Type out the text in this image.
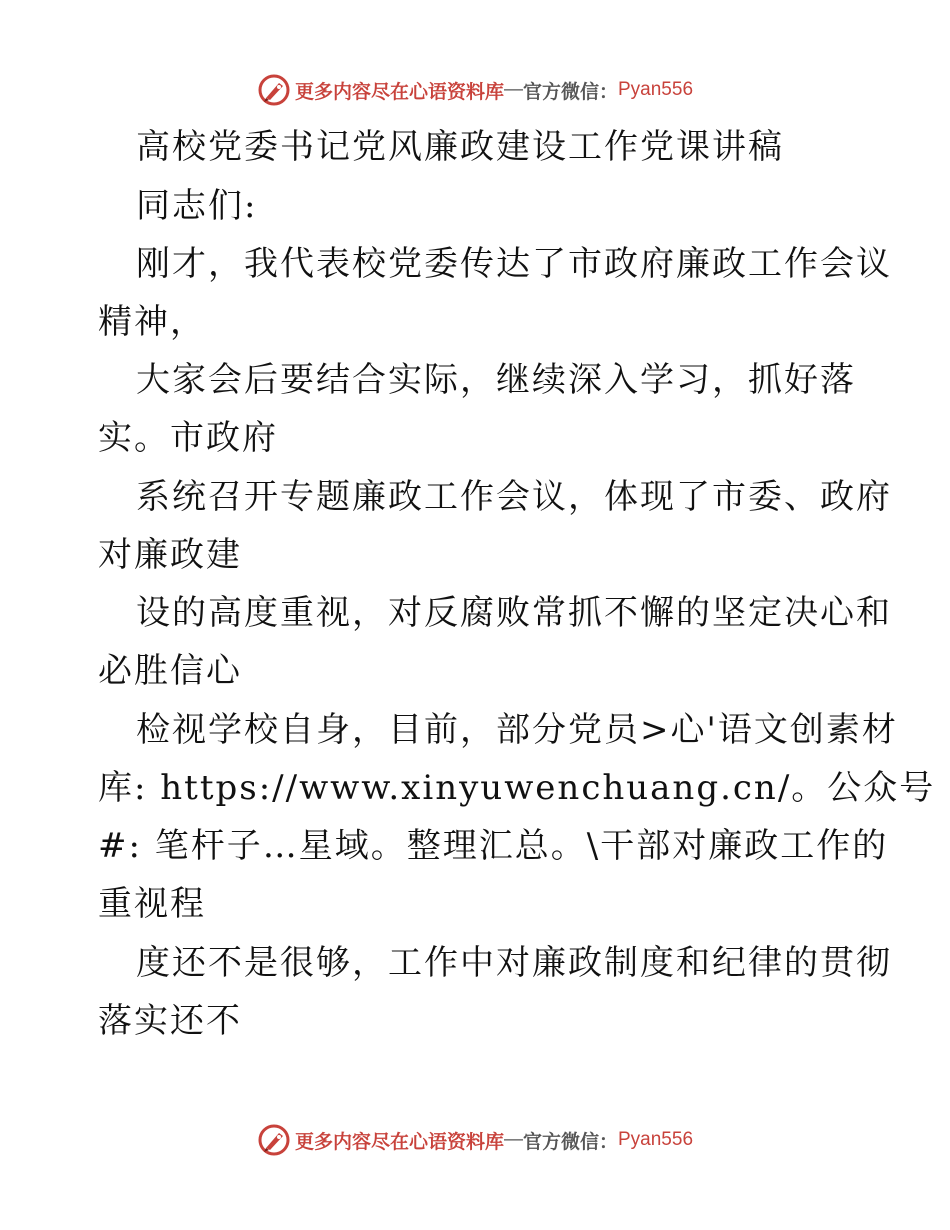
更多内容尽在心语资料库 — 官方微信： Pyan556
高校党委书记党风廉政建设工作党课讲稿
同志们:
刚才，我代表校党委传达了市政府廉政工作会议
精神，
大家会后要结合实际，继续深入学习，抓好落
实。市政府
系统召开专题廉政工作会议，体现了市委、政府
对廉政建
设的高度重视，对反腐败常抓不懈的坚定决心和
必胜信心
检视学校自身，目前，部分党员>心'语文创素材
库: https://www.xinyuwenchuang.cn/。公众号
#: 笔杆子…星域。整理汇总。\干部对廉政工作的
重视程
度还不是很够，工作中对廉政制度和纪律的贯彻
落实还不
更多内容尽在心语资料库 — 官方微信： Pyan556
